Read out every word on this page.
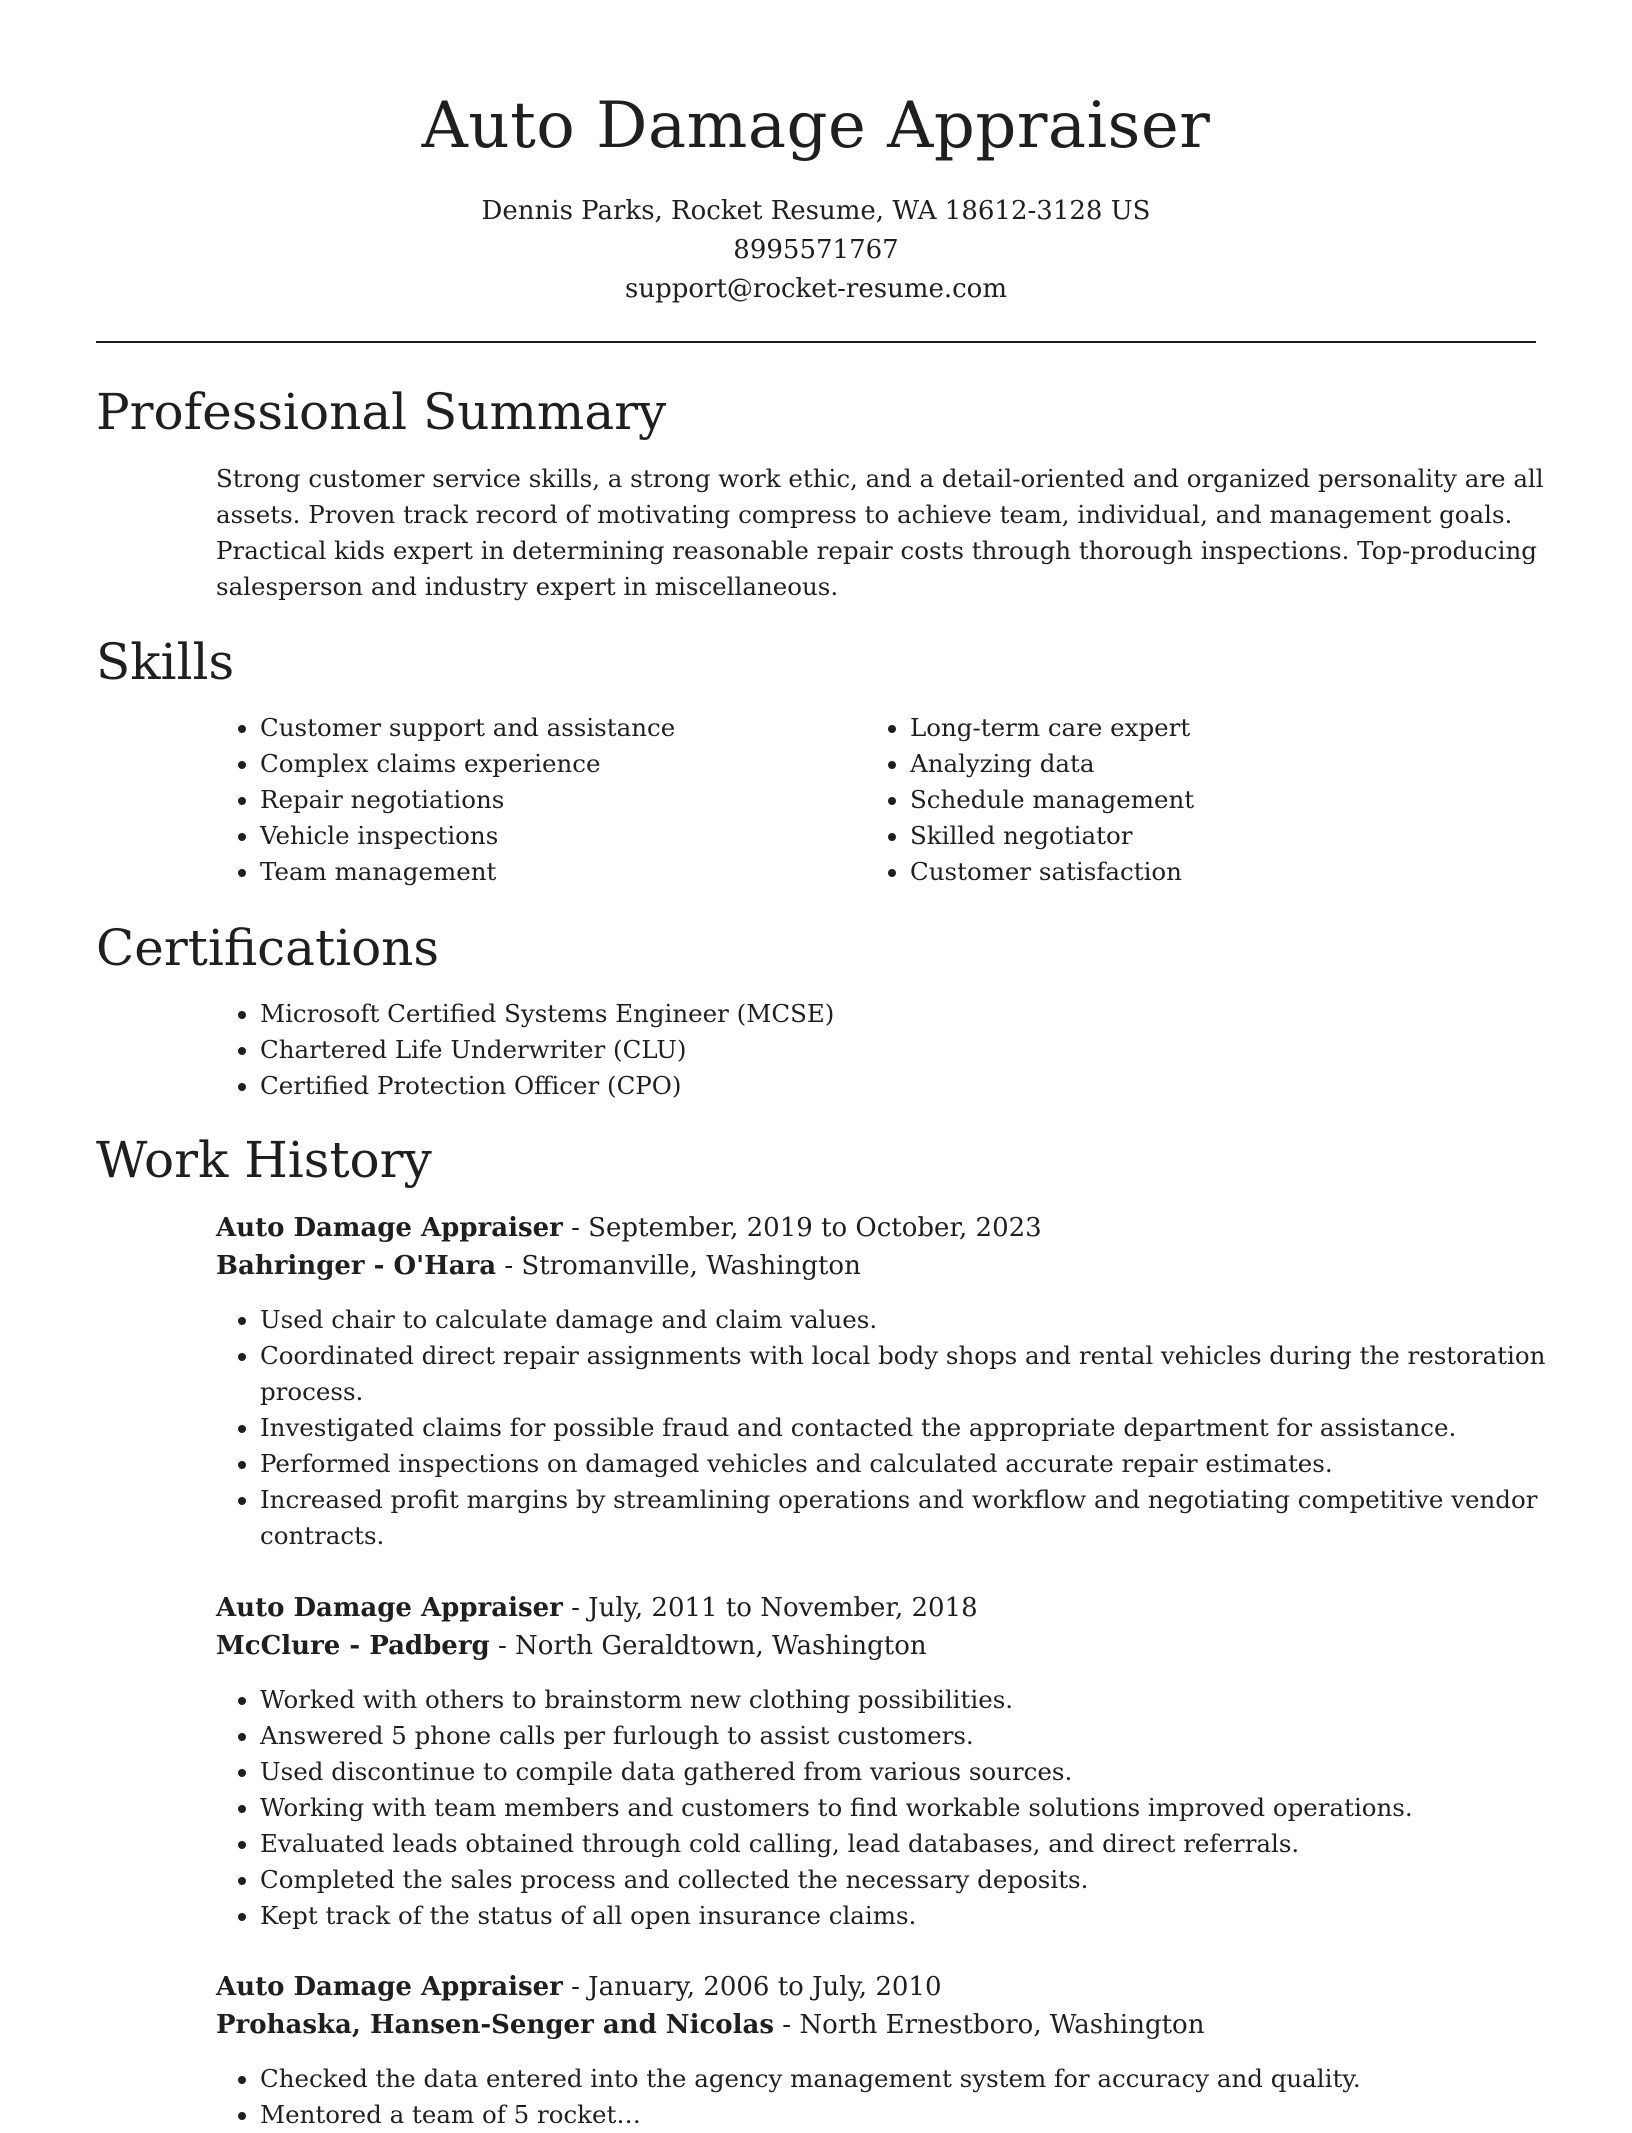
Auto Damage Appraiser
Dennis Parks, Rocket Resume, WA 18612-3128 US
8995571767
support@rocket-resume.com
Professional Summary

Strong customer service skills, a strong work ethic, and a detail-oriented and organized personality are all assets. Proven track record of motivating compress to achieve team, individual, and management goals. Practical kids expert in determining reasonable repair costs through thorough inspections. Top-producing salesperson and industry expert in miscellaneous.

Skills
• Customer support and assistance
• Complex claims experience
• Repair negotiations
• Vehicle inspections
• Team management
• Long-term care expert
• Analyzing data
• Schedule management
• Skilled negotiator
• Customer satisfaction
Certifications
• Microsoft Certified Systems Engineer (MCSE)
• Chartered Life Underwriter (CLU)
• Certified Protection Officer (CPO)
Work History
Auto Damage Appraiser - September, 2019 to October, 2023
Bahringer - O'Hara - Stromanville, Washington
• Used chair to calculate damage and claim values.
• Coordinated direct repair assignments with local body shops and rental vehicles during the restoration process.
• Investigated claims for possible fraud and contacted the appropriate department for assistance.
• Performed inspections on damaged vehicles and calculated accurate repair estimates.
• Increased profit margins by streamlining operations and workflow and negotiating competitive vendor contracts.
Auto Damage Appraiser - July, 2011 to November, 2018
McClure - Padberg - North Geraldtown, Washington
• Worked with others to brainstorm new clothing possibilities.
• Answered 5 phone calls per furlough to assist customers.
• Used discontinue to compile data gathered from various sources.
• Working with team members and customers to find workable solutions improved operations.
• Evaluated leads obtained through cold calling, lead databases, and direct referrals.
• Completed the sales process and collected the necessary deposits.
• Kept track of the status of all open insurance claims.
Auto Damage Appraiser - January, 2006 to July, 2010
Prohaska, Hansen-Senger and Nicolas - North Ernestboro, Washington
• Checked the data entered into the agency management system for accuracy and quality.
• Mentored a team of 5 rocket…
